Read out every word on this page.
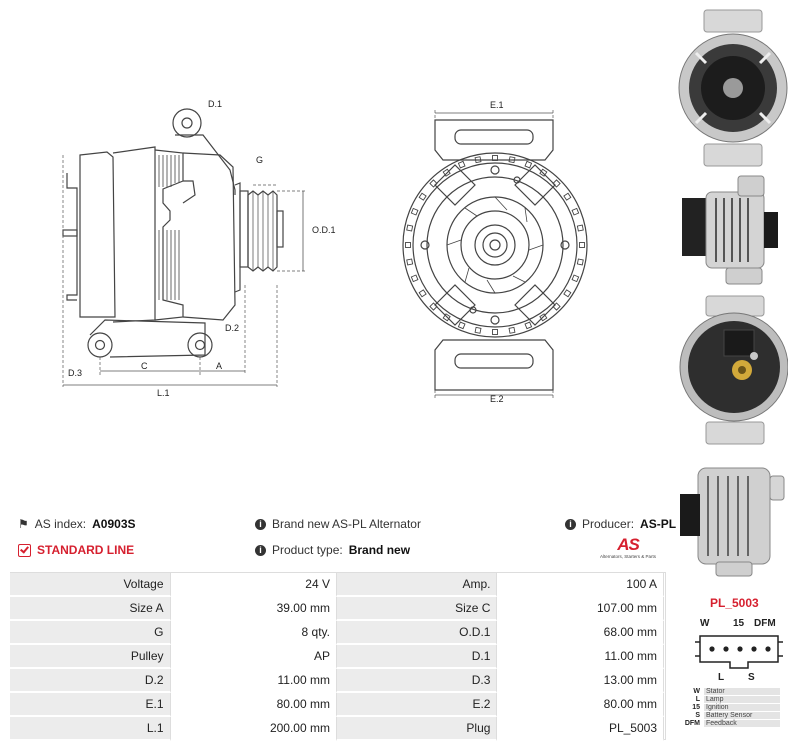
D.1
G
O.D.1
D.2
D.3
C	A
L.1
E.1
E.2
⚑ AS index: A0903S
STANDARD LINE
i Brand new AS-PL Alternator
i Product type: Brand new
i Producer: AS-PL
AS
Alternators, Starters & Parts
Voltage	24 V	Amp.	100 A
Size A	39.00 mm	Size C	107.00 mm
G	8 qty.	O.D.1	68.00 mm
Pulley	AP	D.1	11.00 mm
D.2	11.00 mm	D.3	13.00 mm
E.1	80.00 mm	E.2	80.00 mm
L.1	200.00 mm	Plug	PL_5003
PL_5003
W 15 DFM
L S
W Stator
L Lamp
15 Ignition
S Battery Sensor
DFM Feedback
